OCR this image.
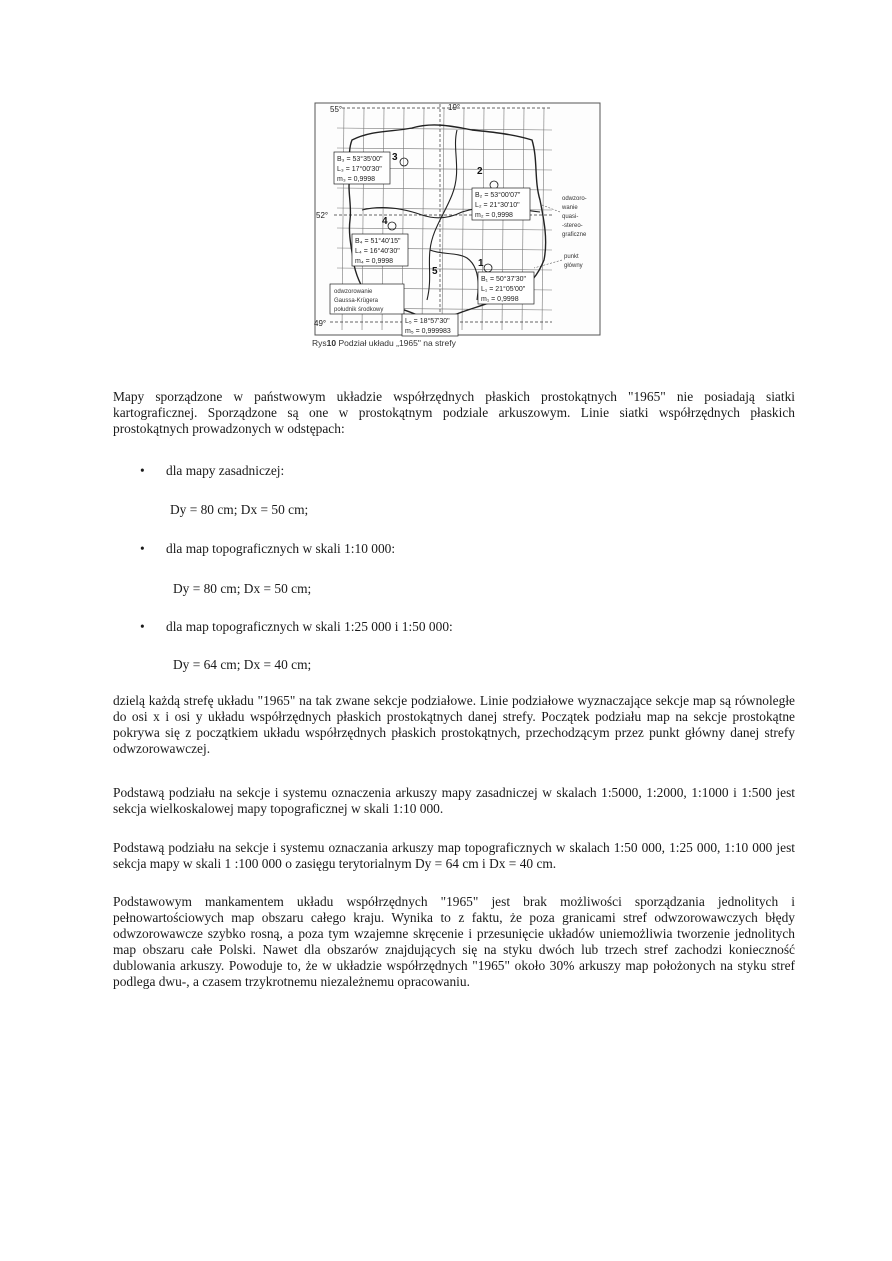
2
3
4
1
5
55°	19°
52°
49°
B₃ = 53°35'00"
L₃ = 17°00'30"
m₃ = 0,9998
B₂ = 53°00'07"
L₂ = 21°30'10"
m₂ = 0,9998
B₄ = 51°40'15"
L₄ = 16°40'30"
m₄ = 0,9998
B₁ = 50°37'30"
L₁ = 21°05'00"
m₁ = 0,9998
odwzorowanie
Gaussa-Krügera
południk środkowy
L₅ = 18°57'30"
m₅ = 0,999983
odwzoro-
wanie
quasi-
-stereo-
graficzne
punkt
główny
Rys10 Podział układu „1965" na strefy

Mapy sporządzone w państwowym układzie współrzędnych płaskich prostokątnych "1965" nie posiadają siatki kartograficznej. Sporządzone są one w prostokątnym podziale arkuszowym. Linie siatki współrzędnych płaskich prostokątnych prowadzonych w odstępach:

• dla mapy zasadniczej:
Dy = 80 cm; Dx = 50 cm;
• dla map topograficznych w skali 1:10 000:
Dy = 80 cm; Dx = 50 cm;
• dla map topograficznych w skali 1:25 000 i 1:50 000:
Dy = 64 cm; Dx = 40 cm;

dzielą każdą strefę układu "1965" na tak zwane sekcje podziałowe. Linie podziałowe wyznaczające sekcje map są równoległe do osi x i osi y układu współrzędnych płaskich prostokątnych danej strefy. Początek podziału map na sekcje prostokątne pokrywa się z początkiem układu współrzędnych płaskich prostokątnych, przechodzącym przez punkt główny danej strefy odwzorowawczej.

Podstawą podziału na sekcje i systemu oznaczenia arkuszy mapy zasadniczej w skalach 1:5000, 1:2000, 1:1000 i 1:500 jest sekcja wielkoskalowej mapy topograficznej w skali 1:10 000.

Podstawą podziału na sekcje i systemu oznaczania arkuszy map topograficznych w skalach 1:50 000, 1:25 000, 1:10 000 jest sekcja mapy w skali 1 :100 000 o zasięgu terytorialnym Dy = 64 cm i Dx = 40 cm.

Podstawowym mankamentem układu współrzędnych "1965" jest brak możliwości sporządzania jednolitych i pełnowartościowych map obszaru całego kraju. Wynika to z faktu, że poza granicami stref odwzorowawczych błędy odwzorowawcze szybko rosną, a poza tym wzajemne skręcenie i przesunięcie układów uniemożliwia tworzenie jednolitych map obszaru całe Polski. Nawet dla obszarów znajdujących się na styku dwóch lub trzech stref zachodzi konieczność dublowania arkuszy. Powoduje to, że w układzie współrzędnych "1965" około 30% arkuszy map położonych na styku stref podlega dwu-, a czasem trzykrotnemu niezależnemu opracowaniu.
